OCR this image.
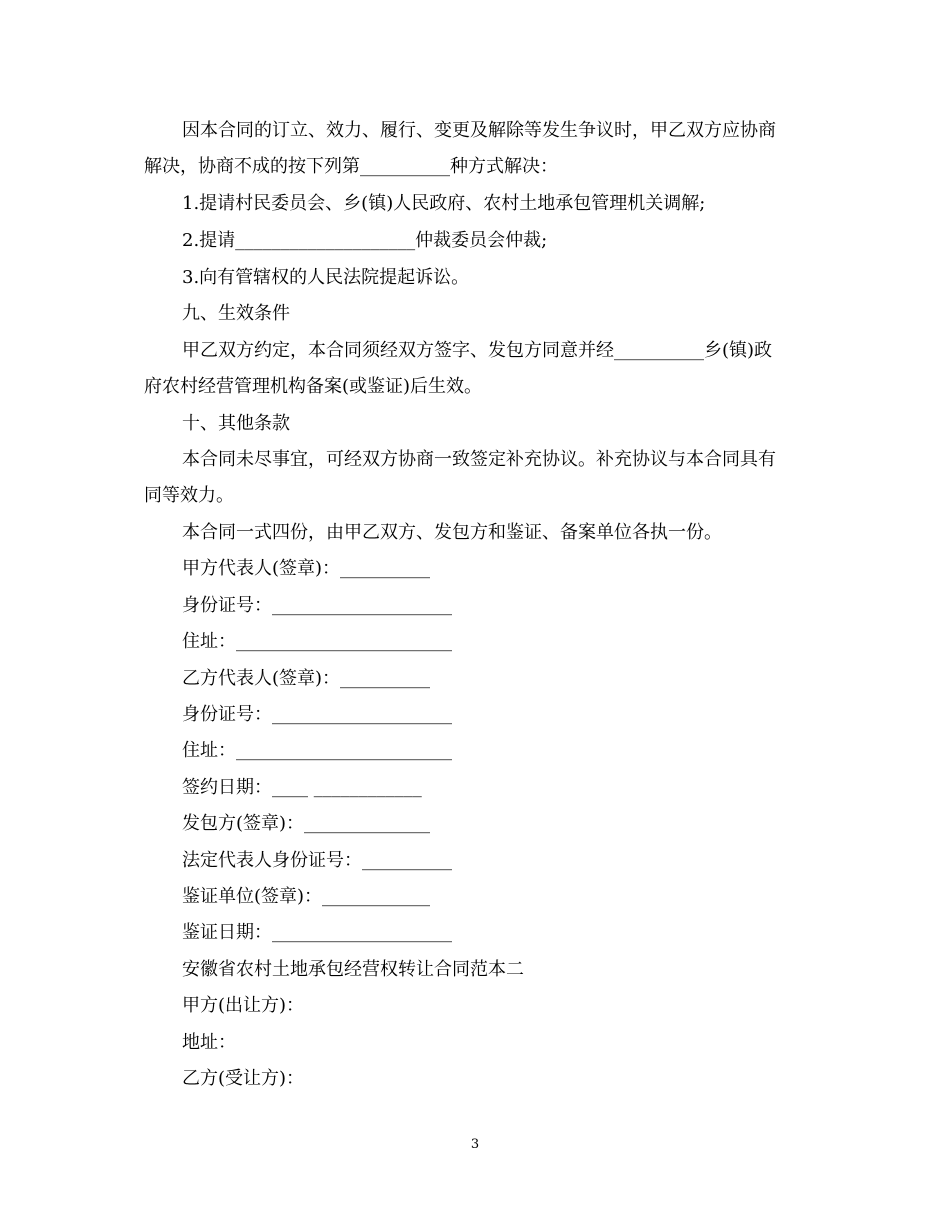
因本合同的订立、效力、履行、变更及解除等发生争议时，甲乙双方应协商
解决，协商不成的按下列第__________种方式解决：
1.提请村民委员会、乡(镇)人民政府、农村土地承包管理机关调解;
2.提请____________________仲裁委员会仲裁;
3.向有管辖权的人民法院提起诉讼。
九、生效条件
甲乙双方约定，本合同须经双方签字、发包方同意并经__________乡(镇)政
府农村经营管理机构备案(或鉴证)后生效。
十、其他条款
本合同未尽事宜，可经双方协商一致签定补充协议。补充协议与本合同具有
同等效力。
本合同一式四份，由甲乙双方、发包方和鉴证、备案单位各执一份。
甲方代表人(签章)：__________
身份证号：____________________
住址：________________________
乙方代表人(签章)：__________
身份证号：____________________
住址：________________________
签约日期：____ ____________
发包方(签章)：______________
法定代表人身份证号：__________
鉴证单位(签章)：____________
鉴证日期：____________________
安徽省农村土地承包经营权转让合同范本二
甲方(出让方)：
地址：
乙方(受让方)：
3
